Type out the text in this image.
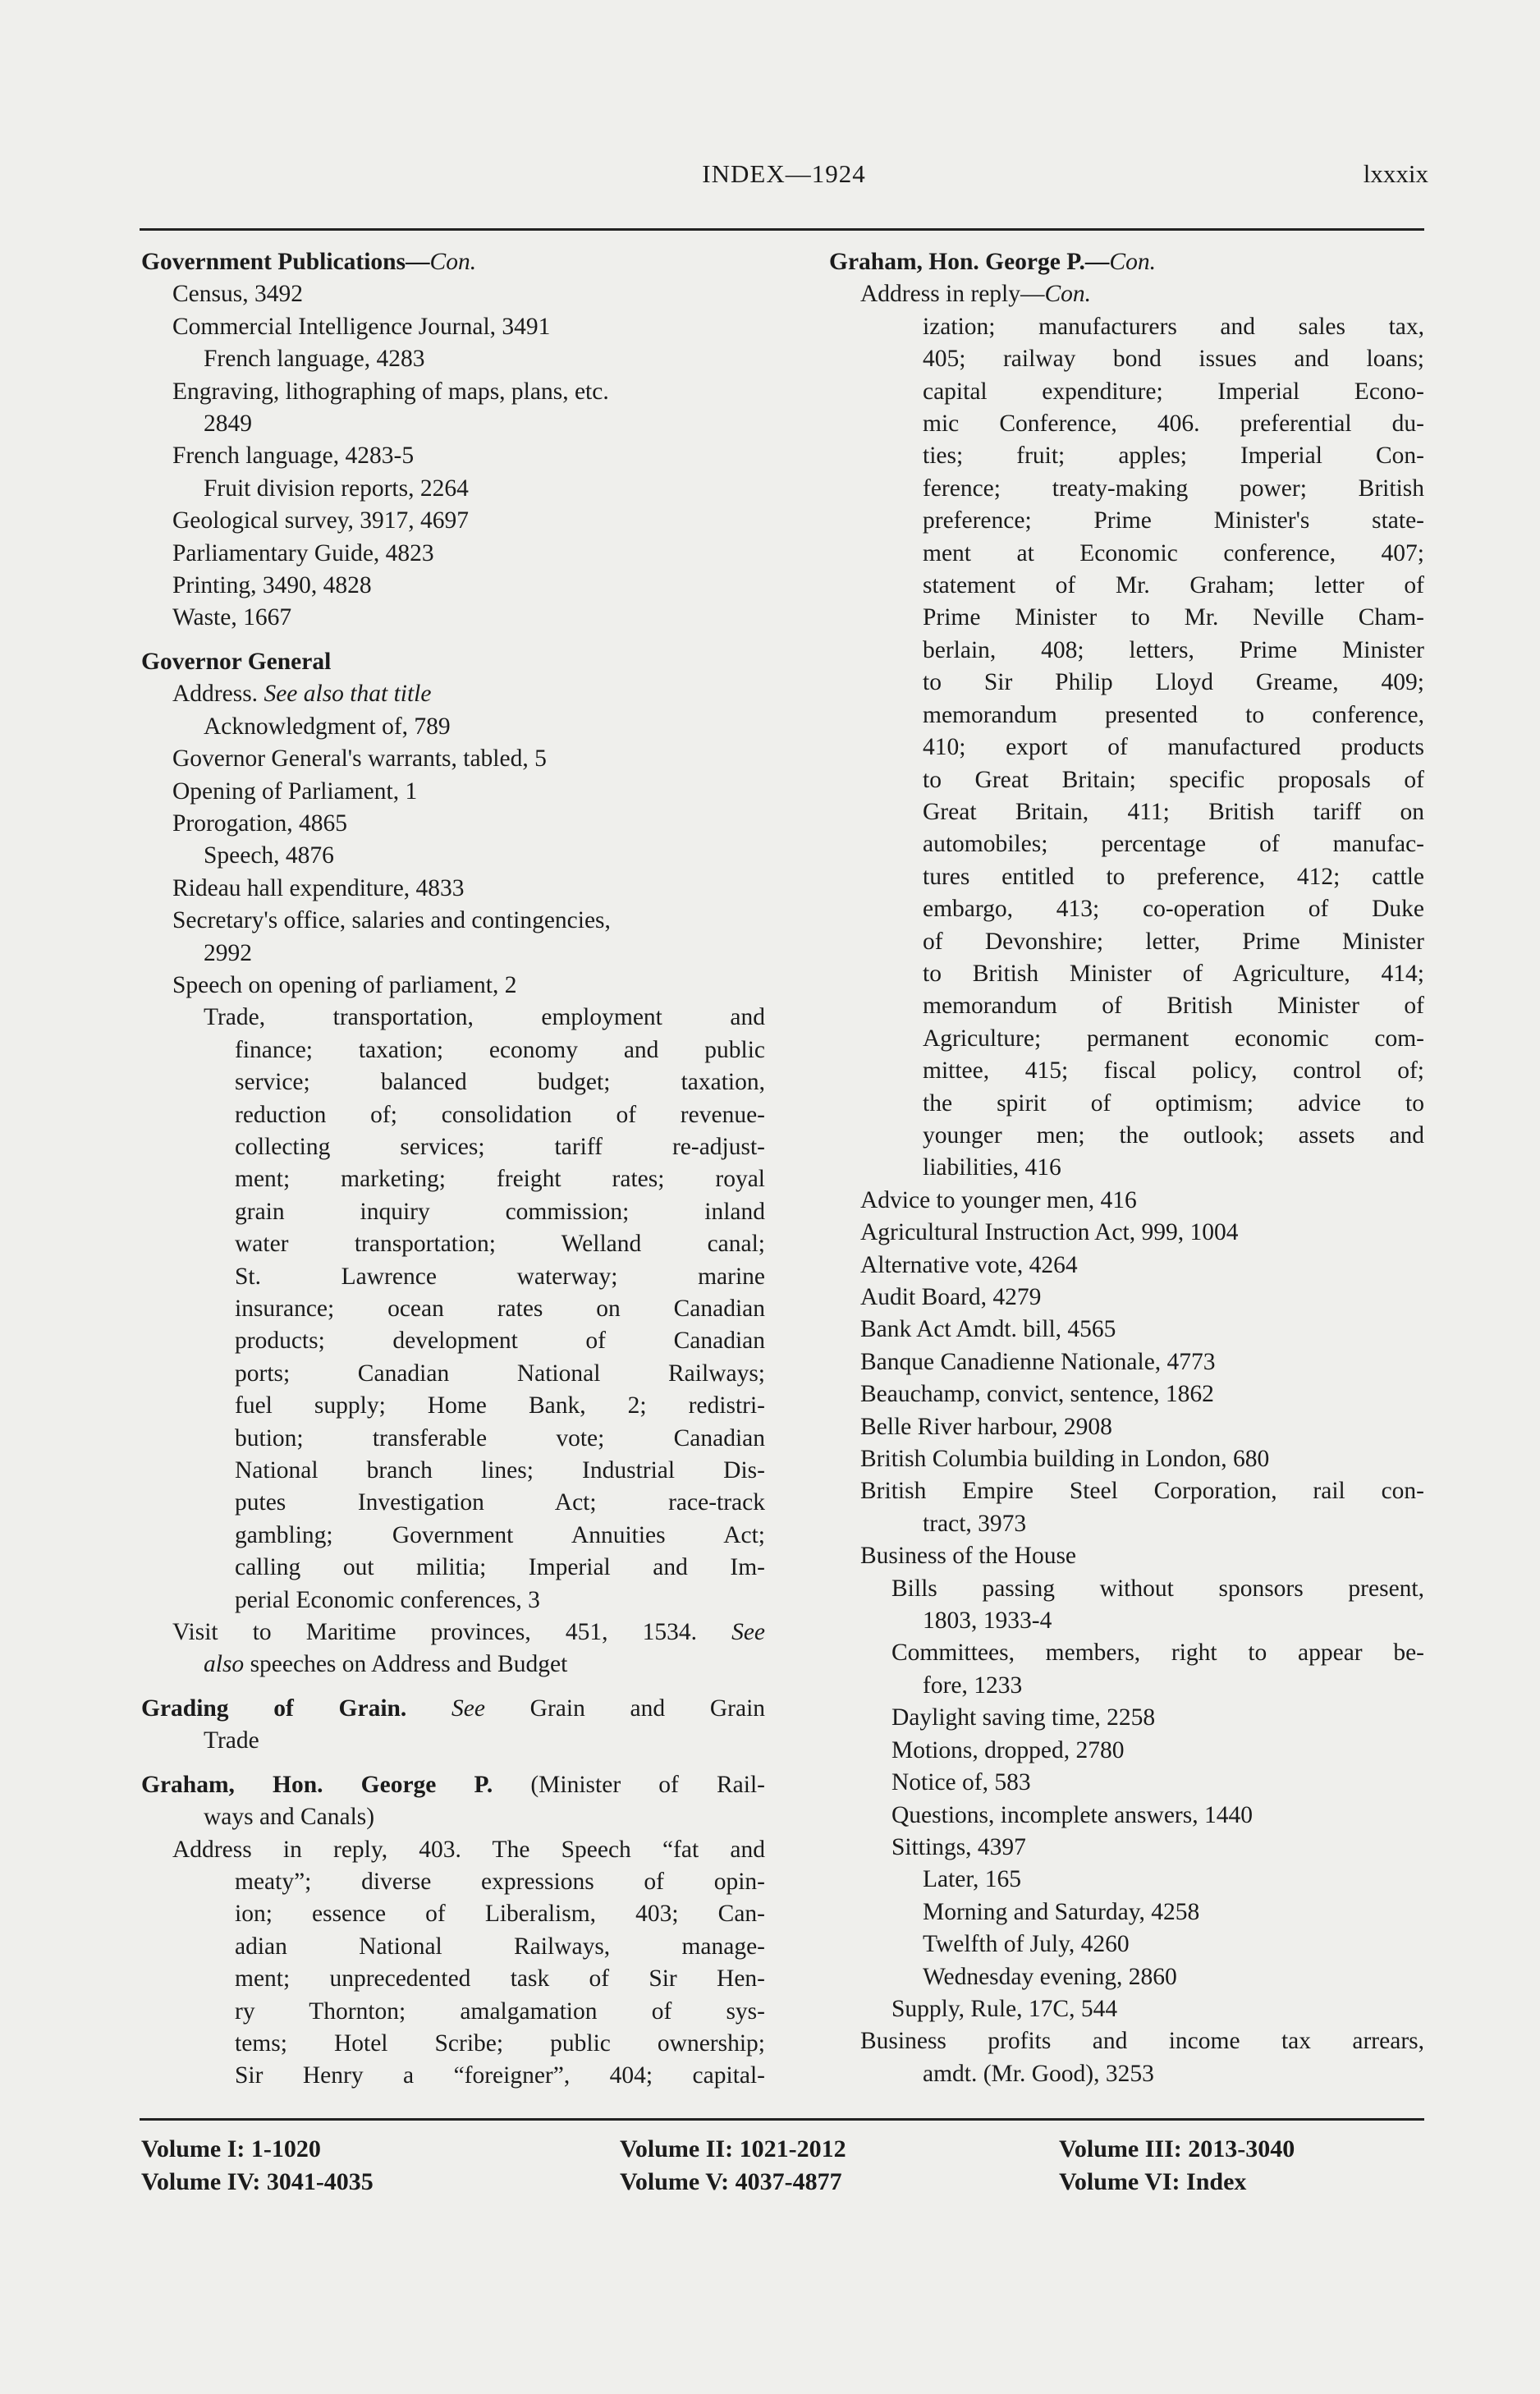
INDEX—1924	lxxxix
Government Publications—Con.
Census, 3492
Commercial Intelligence Journal, 3491
French language, 4283
Engraving, lithographing of maps, plans, etc.
2849
French language, 4283-5
Fruit division reports, 2264
Geological survey, 3917, 4697
Parliamentary Guide, 4823
Printing, 3490, 4828
Waste, 1667
Governor General
Address. See also that title
Acknowledgment of, 789
Governor General's warrants, tabled, 5
Opening of Parliament, 1
Prorogation, 4865
Speech, 4876
Rideau hall expenditure, 4833
Secretary's office, salaries and contingencies,
2992
Speech on opening of parliament, 2
Trade, transportation, employment and
finance; taxation; economy and public
service; balanced budget; taxation,
reduction of; consolidation of revenue-
collecting services; tariff re-adjust-
ment; marketing; freight rates; royal
grain inquiry commission; inland
water transportation; Welland canal;
St. Lawrence waterway; marine
insurance; ocean rates on Canadian
products; development of Canadian
ports; Canadian National Railways;
fuel supply; Home Bank, 2; redistri-
bution; transferable vote; Canadian
National branch lines; Industrial Dis-
putes Investigation Act; race-track
gambling; Government Annuities Act;
calling out militia; Imperial and Im-
perial Economic conferences, 3
Visit to Maritime provinces, 451, 1534. See
also speeches on Address and Budget
Grading of Grain. See Grain and Grain
Trade
Graham, Hon. George P. (Minister of Rail-
ways and Canals)
Address in reply, 403. The Speech “fat and
meaty”; diverse expressions of opin-
ion; essence of Liberalism, 403; Can-
adian National Railways, manage-
ment; unprecedented task of Sir Hen-
ry Thornton; amalgamation of sys-
tems; Hotel Scribe; public ownership;
Sir Henry a “foreigner”, 404; capital-
Graham, Hon. George P.—Con.
Address in reply—Con.
ization; manufacturers and sales tax,
405; railway bond issues and loans;
capital expenditure; Imperial Econo-
mic Conference, 406. preferential du-
ties; fruit; apples; Imperial Con-
ference; treaty-making power; British
preference; Prime Minister's state-
ment at Economic conference, 407;
statement of Mr. Graham; letter of
Prime Minister to Mr. Neville Cham-
berlain, 408; letters, Prime Minister
to Sir Philip Lloyd Greame, 409;
memorandum presented to conference,
410; export of manufactured products
to Great Britain; specific proposals of
Great Britain, 411; British tariff on
automobiles; percentage of manufac-
tures entitled to preference, 412; cattle
embargo, 413; co-operation of Duke
of Devonshire; letter, Prime Minister
to British Minister of Agriculture, 414;
memorandum of British Minister of
Agriculture; permanent economic com-
mittee, 415; fiscal policy, control of;
the spirit of optimism; advice to
younger men; the outlook; assets and
liabilities, 416
Advice to younger men, 416
Agricultural Instruction Act, 999, 1004
Alternative vote, 4264
Audit Board, 4279
Bank Act Amdt. bill, 4565
Banque Canadienne Nationale, 4773
Beauchamp, convict, sentence, 1862
Belle River harbour, 2908
British Columbia building in London, 680
British Empire Steel Corporation, rail con-
tract, 3973
Business of the House
Bills passing without sponsors present,
1803, 1933-4
Committees, members, right to appear be-
fore, 1233
Daylight saving time, 2258
Motions, dropped, 2780
Notice of, 583
Questions, incomplete answers, 1440
Sittings, 4397
Later, 165
Morning and Saturday, 4258
Twelfth of July, 4260
Wednesday evening, 2860
Supply, Rule, 17C, 544
Business profits and income tax arrears,
amdt. (Mr. Good), 3253
Volume I: 1-1020	Volume II: 1021-2012	Volume III: 2013-3040
Volume IV: 3041-4035	Volume V: 4037-4877	Volume VI: Index
